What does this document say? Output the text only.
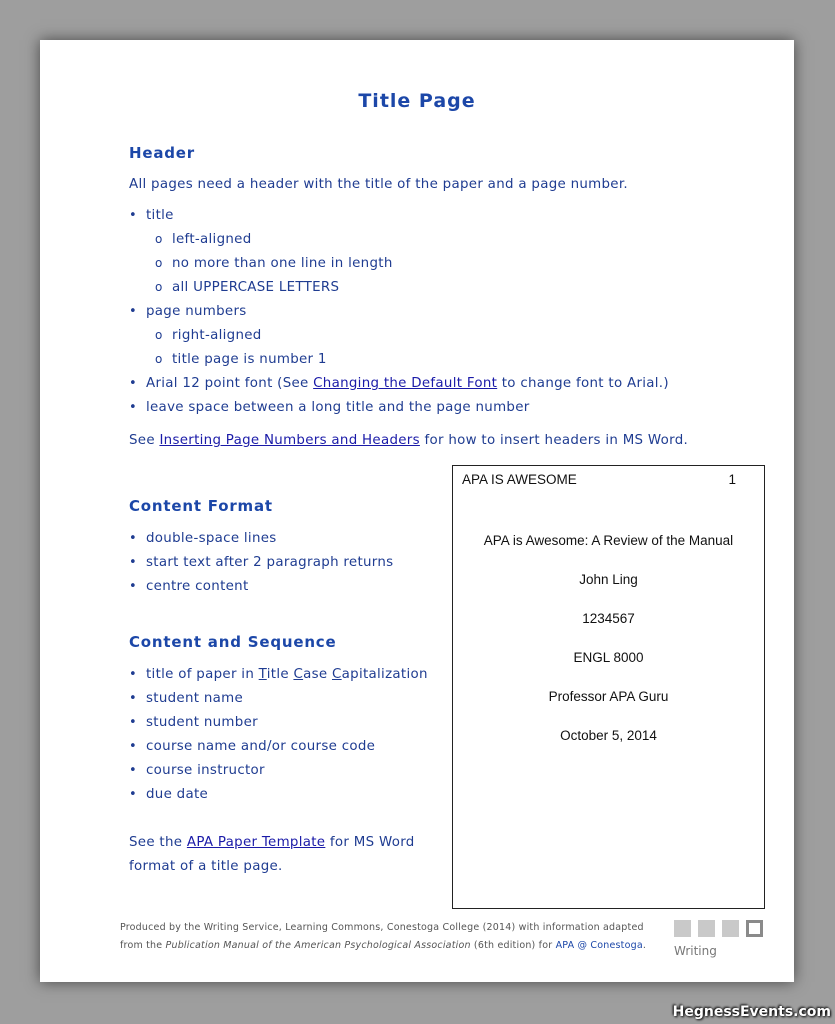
Title Page
Header
All pages need a header with the title of the paper and a page number.
•
title
o
left-aligned
o
no more than one line in length
o
all UPPERCASE LETTERS
•
page numbers
o
right-aligned
o
title page is number 1
•
Arial 12 point font (See Changing the Default Font to change font to Arial.)
•
leave space between a long title and the page number
See Inserting Page Numbers and Headers for how to insert headers in MS Word.
Content Format
•
double-space lines
•
start text after 2 paragraph returns
•
centre content
Content and Sequence
•
title of paper in Title Case Capitalization
•
student name
•
student number
•
course name and/or course code
•
course instructor
•
due date
See the APA Paper Template for MS Word
format of a title page.
APA IS AWESOME	1
APA is Awesome: A Review of the Manual
John Ling
1234567
ENGL 8000
Professor APA Guru
October 5, 2014
Produced by the Writing Service, Learning Commons, Conestoga College (2014) with information adapted
from the Publication Manual of the American Psychological Association (6th edition) for APA @ Conestoga. Writing
HegnessEvents.com
